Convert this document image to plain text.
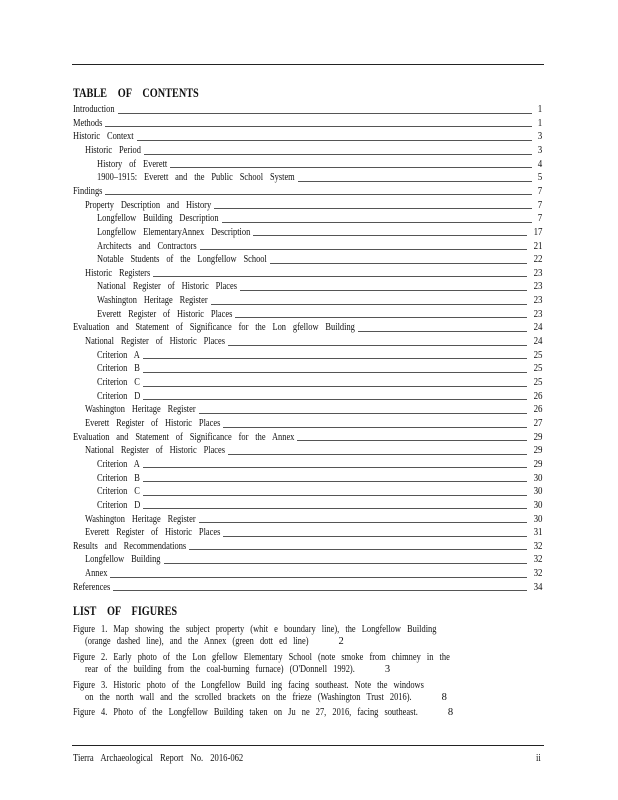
TABLE OF CONTENTS
Introduction	1
Methods	1
Historic Context	3
Historic Period	3
History of Everett	4
1900–1915: Everett and the Public School System	5
Findings	7
Property Description and History	7
Longfellow Building Description	7
Longfellow ElementaryAnnex Description	17
Architects and Contractors	21
Notable Students of the Longfellow School	22
Historic Registers	23
National Register of Historic Places	23
Washington Heritage Register	23
Everett Register of Historic Places	23
Evaluation and Statement of Significance for the Lon gfellow Building	24
National Register of Historic Places	24
Criterion A	25
Criterion B	25
Criterion C	25
Criterion D	26
Washington Heritage Register	26
Everett Register of Historic Places	27
Evaluation and Statement of Significance for the Annex	29
National Register of Historic Places	29
Criterion A	29
Criterion B	30
Criterion C	30
Criterion D	30
Washington Heritage Register	30
Everett Register of Historic Places	31
Results and Recommendations	32
Longfellow Building	32
Annex	32
References	34
LIST OF FIGURES
Figure 1. Map showing the subject property (whit e boundary line), the Longfellow Building
(orange dashed line), and the Annex (green dott ed line)	2
Figure 2. Early photo of the Lon gfellow Elementary School (note smoke from chimney in the
rear of the building from the coal-burning furnace) (O'Donnell 1992).	3
Figure 3. Historic photo of the Longfellow Build ing facing southeast. Note the windows
on the north wall and the scrolled brackets on the frieze (Washington Trust 2016).	8
Figure 4. Photo of the Longfellow Building taken on Ju ne 27, 2016, facing southeast.	8
Tierra Archaeological Report No. 2016-062	ii
